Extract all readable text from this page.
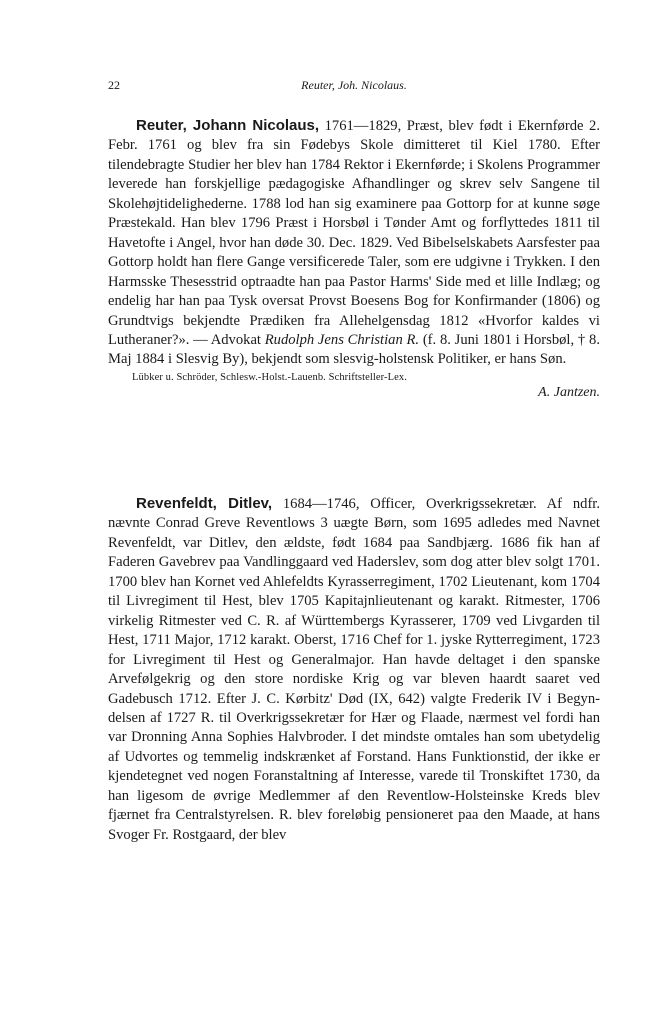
22	Reuter, Joh. Nicolaus.

Reuter, Johann Nicolaus, 1761—1829, Præst, blev født i Ekernførde 2. Febr. 1761 og blev fra sin Fødebys Skole dimitteret til Kiel 1780. Efter tilendebragte Studier her blev han 1784 Rektor i Ekernførde; i Skolens Programmer leverede han forskjellige pædagogiske Afhandlinger og skrev selv Sangene til Skolehøjtidelighederne. 1788 lod han sig examinere paa Gottorp for at kunne søge Præstekald. Han blev 1796 Præst i Horsbøl i Tønder Amt og forflyttedes 1811 til Havetofte i Angel, hvor han døde 30. Dec. 1829. Ved Bibelselskabets Aarsfester paa Gottorp holdt han flere Gange versificerede Taler, som ere udgivne i Trykken. I den Harmsske Thesesstrid optraadte han paa Pastor Harms' Side med et lille Indlæg; og endelig har han paa Tysk oversat Provst Boesens Bog for Konfirmander (1806) og Grundtvigs bekjendte Prædiken fra Allehelgensdag 1812 «Hvorfor kaldes vi Lutheraner?». — Advokat Rudolph Jens Christian R. (f. 8. Juni 1801 i Horsbøl, † 8. Maj 1884 i Slesvig By), bekjendt som slesvig-holstensk Politiker, er hans Søn.

Lübker u. Schröder, Schlesw.-Holst.-Lauenb. Schriftsteller-Lex.
A. Jantzen.

Revenfeldt, Ditlev, 1684—1746, Officer, Overkrigssekretær. Af ndfr. nævnte Conrad Greve Reventlows 3 uægte Børn, som 1695 adledes med Navnet Revenfeldt, var Ditlev, den ældste, født 1684 paa Sandbjærg. 1686 fik han af Faderen Gavebrev paa Vandlinggaard ved Haderslev, som dog atter blev solgt 1701. 1700 blev han Kornet ved Ahlefeldts Kyrasserregiment, 1702 Lieutenant, kom 1704 til Livregiment til Hest, blev 1705 Kapitajnlieutenant og karakt. Ritmester, 1706 virkelig Ritmester ved C. R. af Württembergs Kyrasserer, 1709 ved Livgarden til Hest, 1711 Major, 1712 karakt. Oberst, 1716 Chef for 1. jyske Rytterregiment, 1723 for Livregiment til Hest og Generalmajor. Han havde deltaget i den spanske Arvefølgekrig og den store nordiske Krig og var bleven haardt saaret ved Gadebusch 1712. Efter J. C. Kørbitz' Død (IX, 642) valgte Frederik IV i Begyndelsen af 1727 R. til Overkrigssekretær for Hær og Flaade, nærmest vel fordi han var Dronning Anna Sophies Halvbroder. I det mindste omtales han som ubetydelig af Udvortes og temmelig indskrænket af Forstand. Hans Funktionstid, der ikke er kjendetegnet ved nogen Foranstaltning af Interesse, varede til Tronskiftet 1730, da han ligesom de øvrige Medlemmer af den Reventlow-Holsteinske Kreds blev fjærnet fra Centralstyrelsen. R. blev foreløbig pensioneret paa den Maade, at hans Svoger Fr. Rostgaard, der blev
